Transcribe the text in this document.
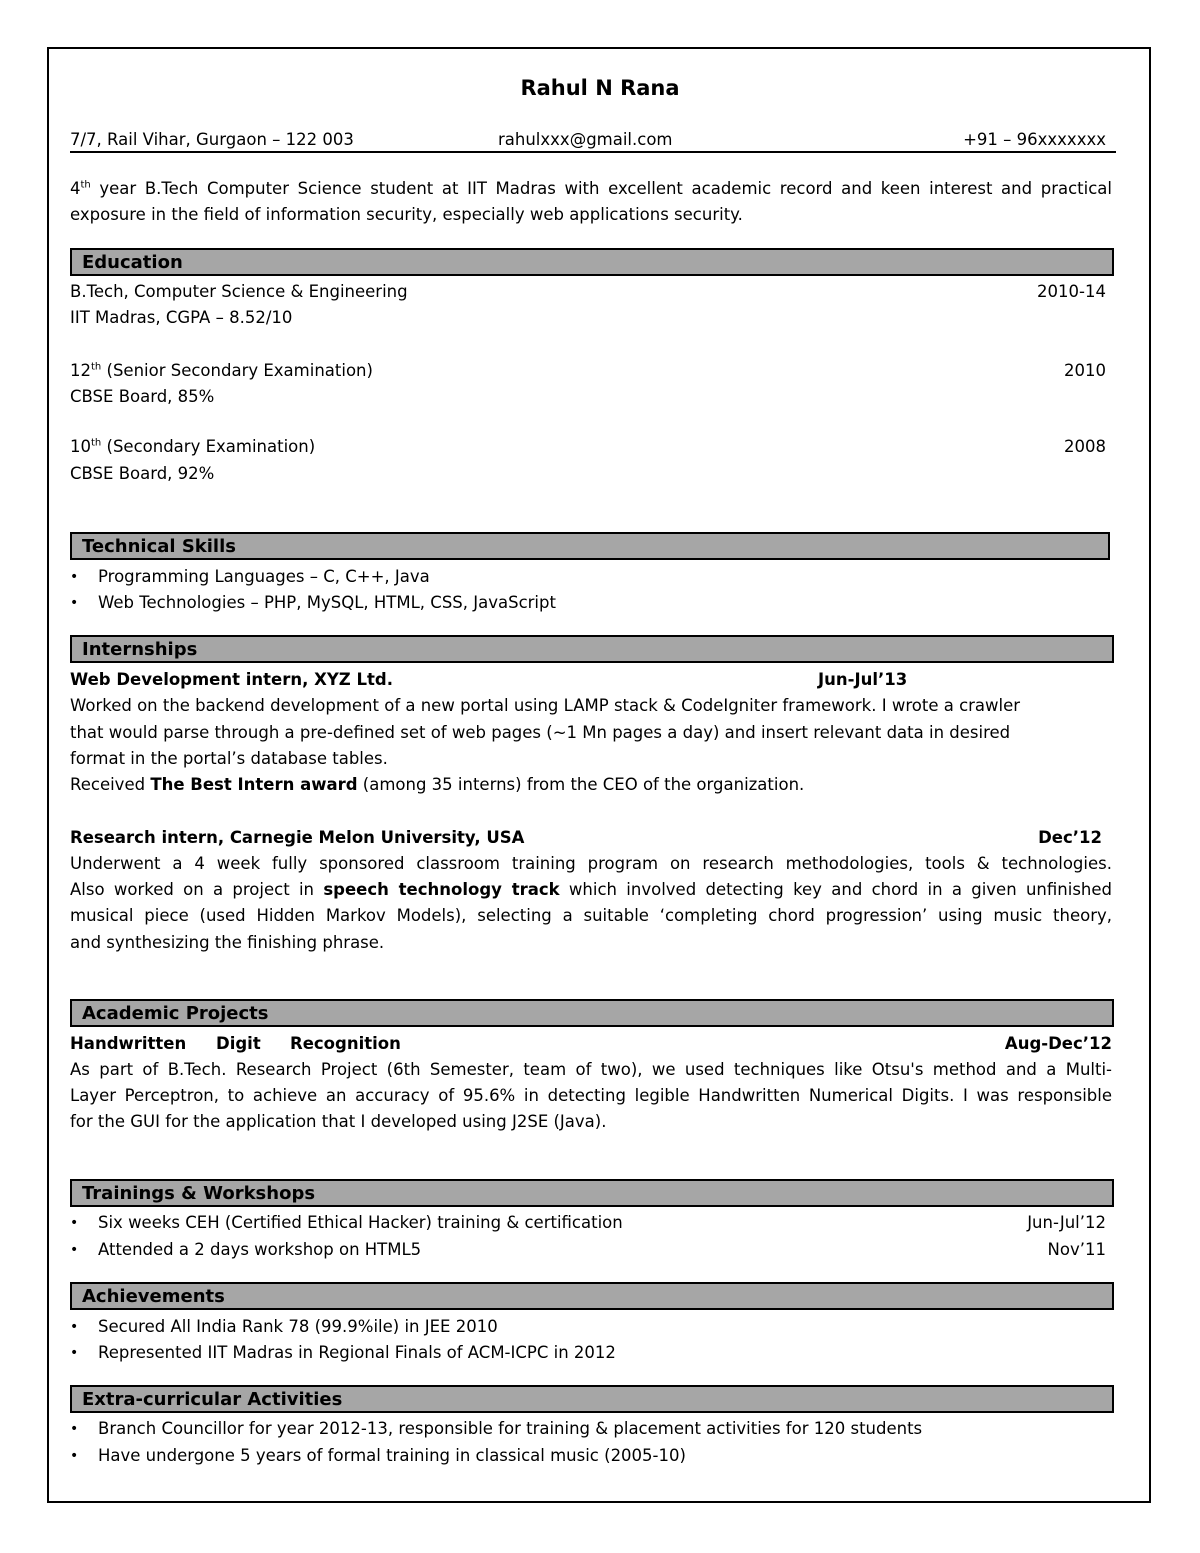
Rahul N Rana
7/7, Rail Vihar, Gurgaon – 122 003	rahulxxx@gmail.com	+91 – 96xxxxxxx
4th year B.Tech Computer Science student at IIT Madras with excellent academic record and keen interest and practical
exposure in the field of information security, especially web applications security.
Education
B.Tech, Computer Science & Engineering	2010-14
IIT Madras, CGPA – 8.52/10
12th (Senior Secondary Examination)	2010
CBSE Board, 85%
10th (Secondary Examination)	2008
CBSE Board, 92%
Technical Skills
• Programming Languages – C, C++, Java
• Web Technologies – PHP, MySQL, HTML, CSS, JavaScript
Internships
Web Development intern, XYZ Ltd.	Jun-Jul’13
Worked on the backend development of a new portal using LAMP stack & CodeIgniter framework. I wrote a crawler
that would parse through a pre-defined set of web pages (~1 Mn pages a day) and insert relevant data in desired
format in the portal’s database tables.
Received The Best Intern award (among 35 interns) from the CEO of the organization.
Research intern, Carnegie Melon University, USA	Dec’12
Underwent a 4 week fully sponsored classroom training program on research methodologies, tools & technologies.
Also worked on a project in speech technology track which involved detecting key and chord in a given unfinished
musical piece (used Hidden Markov Models), selecting a suitable ‘completing chord progression’ using music theory,
and synthesizing the finishing phrase.
Academic Projects
Handwritten Digit Recognition	Aug-Dec’12
As part of B.Tech. Research Project (6th Semester, team of two), we used techniques like Otsu's method and a Multi-
Layer Perceptron, to achieve an accuracy of 95.6% in detecting legible Handwritten Numerical Digits. I was responsible
for the GUI for the application that I developed using J2SE (Java).
Trainings & Workshops
• Six weeks CEH (Certified Ethical Hacker) training & certification	Jun-Jul’12
• Attended a 2 days workshop on HTML5	Nov’11
Achievements
• Secured All India Rank 78 (99.9%ile) in JEE 2010
• Represented IIT Madras in Regional Finals of ACM-ICPC in 2012
Extra-curricular Activities
• Branch Councillor for year 2012-13, responsible for training & placement activities for 120 students
• Have undergone 5 years of formal training in classical music (2005-10)
